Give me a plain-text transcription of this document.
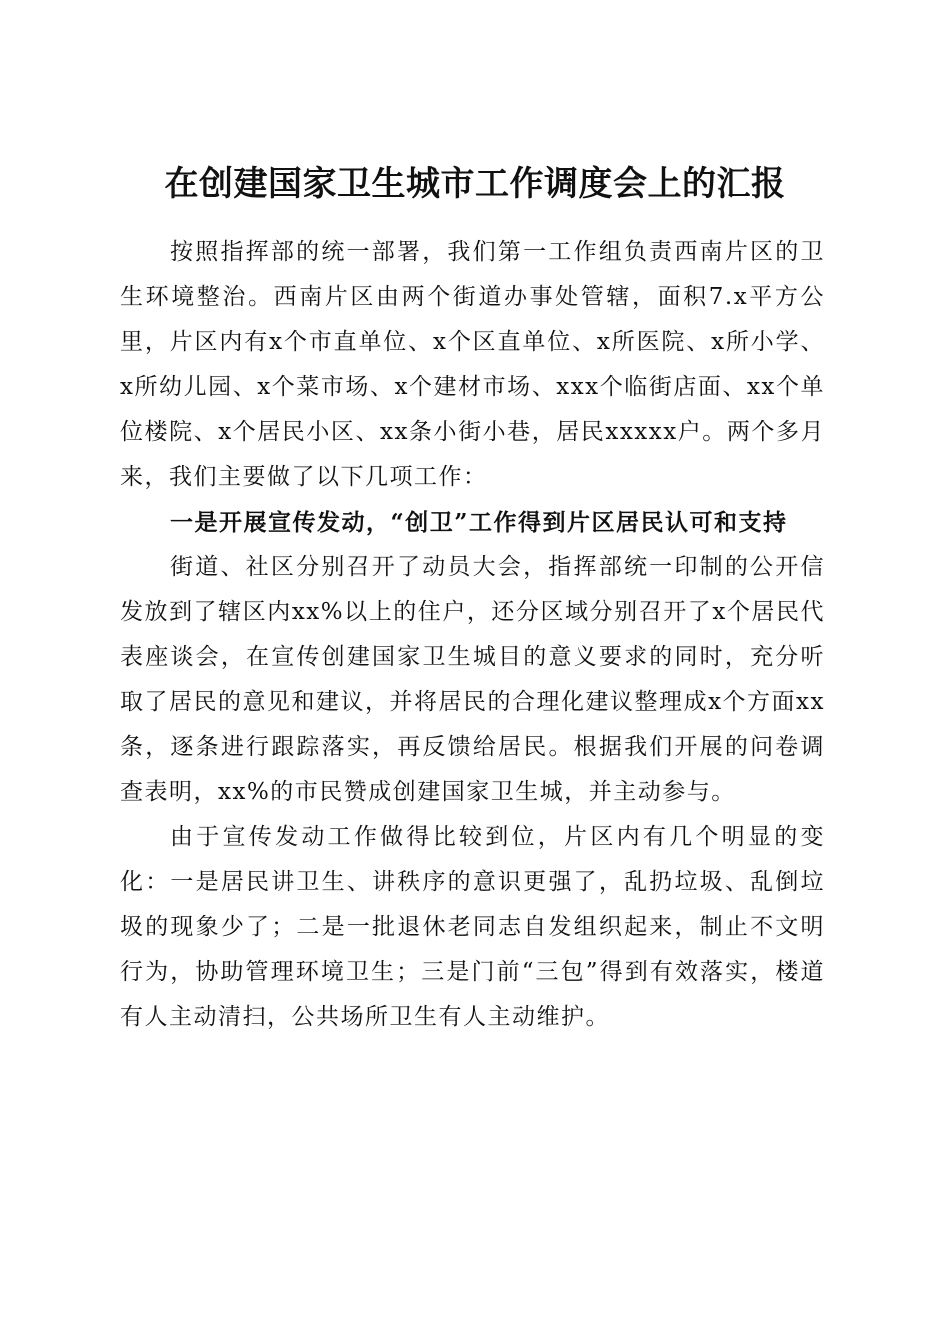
在创建国家卫生城市工作调度会上的汇报

按照指挥部的统一部署，我们第一工作组负责西南片区的卫生环境整治。西南片区由两个街道办事处管辖，面积7.x平方公里，片区内有x个市直单位、x个区直单位、x所医院、x所小学、x所幼儿园、x个菜市场、x个建材市场、xxx个临街店面、xx个单位楼院、x个居民小区、xx条小街小巷，居民xxxxx户。两个多月来，我们主要做了以下几项工作：

一是开展宣传发动，“创卫”工作得到片区居民认可和支持

街道、社区分别召开了动员大会，指挥部统一印制的公开信发放到了辖区内xx%以上的住户，还分区域分别召开了x个居民代表座谈会，在宣传创建国家卫生城目的意义要求的同时，充分听取了居民的意见和建议，并将居民的合理化建议整理成x个方面xx条，逐条进行跟踪落实，再反馈给居民。根据我们开展的问卷调查表明，xx%的市民赞成创建国家卫生城，并主动参与。

由于宣传发动工作做得比较到位，片区内有几个明显的变化：一是居民讲卫生、讲秩序的意识更强了，乱扔垃圾、乱倒垃圾的现象少了；二是一批退休老同志自发组织起来，制止不文明行为，协助管理环境卫生；三是门前“三包”得到有效落实，楼道有人主动清扫，公共场所卫生有人主动维护。
